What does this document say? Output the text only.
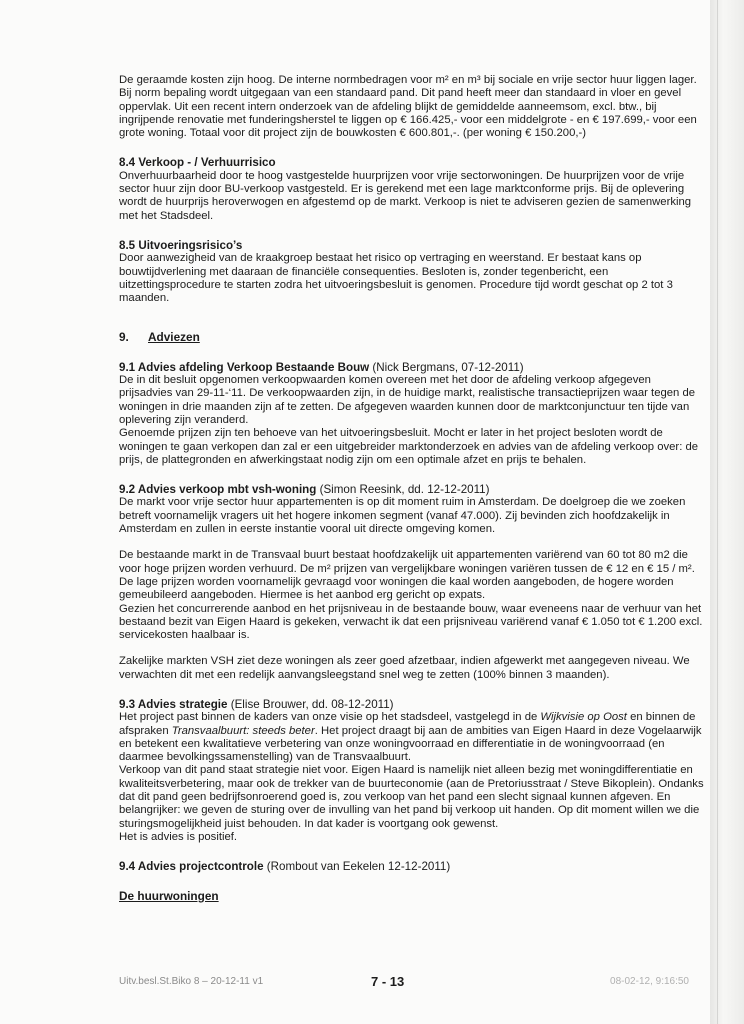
De geraamde kosten zijn hoog. De interne normbedragen voor m² en m³ bij sociale en vrije sector huur liggen lager. Bij norm bepaling wordt uitgegaan van een standaard pand. Dit pand heeft meer dan standaard in vloer en gevel oppervlak. Uit een recent intern onderzoek van de afdeling blijkt de gemiddelde aanneemsom, excl. btw., bij ingrijpende renovatie met funderingsherstel te liggen op € 166.425,- voor een middelgrote - en € 197.699,- voor een grote woning. Totaal voor dit project zijn de bouwkosten € 600.801,-. (per woning € 150.200,-)

8.4 Verkoop - / Verhuurrisico

Onverhuurbaarheid door te hoog vastgestelde huurprijzen voor vrije sectorwoningen. De huurprijzen voor de vrije sector huur zijn door BU-verkoop vastgesteld. Er is gerekend met een lage marktconforme prijs. Bij de oplevering wordt de huurprijs heroverwogen en afgestemd op de markt. Verkoop is niet te adviseren gezien de samenwerking met het Stadsdeel.

8.5 Uitvoeringsrisico’s

Door aanwezigheid van de kraakgroep bestaat het risico op vertraging en weerstand. Er bestaat kans op bouwtijdverlening met daaraan de financiële consequenties. Besloten is, zonder tegenbericht, een uitzettingsprocedure te starten zodra het uitvoeringsbesluit is genomen. Procedure tijd wordt geschat op 2 tot 3 maanden.

9. Adviezen
9.1 Advies afdeling Verkoop Bestaande Bouw (Nick Bergmans, 07-12-2011)

De in dit besluit opgenomen verkoopwaarden komen overeen met het door de afdeling verkoop afgegeven prijsadvies van 29-11-‘11. De verkoopwaarden zijn, in de huidige markt, realistische transactieprijzen waar tegen de woningen in drie maanden zijn af te zetten. De afgegeven waarden kunnen door de marktconjunctuur ten tijde van oplevering zijn veranderd.

Genoemde prijzen zijn ten behoeve van het uitvoeringsbesluit. Mocht er later in het project besloten wordt de woningen te gaan verkopen dan zal er een uitgebreider marktonderzoek en advies van de afdeling verkoop over: de prijs, de plattegronden en afwerkingstaat nodig zijn om een optimale afzet en prijs te behalen.

9.2 Advies verkoop mbt vsh-woning (Simon Reesink, dd. 12-12-2011)

De markt voor vrije sector huur appartementen is op dit moment ruim in Amsterdam. De doelgroep die we zoeken betreft voornamelijk vragers uit het hogere inkomen segment (vanaf 47.000). Zij bevinden zich hoofdzakelijk in Amsterdam en zullen in eerste instantie vooral uit directe omgeving komen.

De bestaande markt in de Transvaal buurt bestaat hoofdzakelijk uit appartementen variërend van 60 tot 80 m2 die voor hoge prijzen worden verhuurd. De m² prijzen van vergelijkbare woningen variëren tussen de € 12 en € 15 / m². De lage prijzen worden voornamelijk gevraagd voor woningen die kaal worden aangeboden, de hogere worden gemeubileerd aangeboden. Hiermee is het aanbod erg gericht op expats.

Gezien het concurrerende aanbod en het prijsniveau in de bestaande bouw, waar eveneens naar de verhuur van het bestaand bezit van Eigen Haard is gekeken, verwacht ik dat een prijsniveau variërend vanaf € 1.050 tot € 1.200 excl. servicekosten haalbaar is.

Zakelijke markten VSH ziet deze woningen als zeer goed afzetbaar, indien afgewerkt met aangegeven niveau. We verwachten dit met een redelijk aanvangsleegstand snel weg te zetten (100% binnen 3 maanden).

9.3 Advies strategie (Elise Brouwer, dd. 08-12-2011)

Het project past binnen de kaders van onze visie op het stadsdeel, vastgelegd in de Wijkvisie op Oost en binnen de afspraken Transvaalbuurt: steeds beter. Het project draagt bij aan de ambities van Eigen Haard in deze Vogelaarwijk en betekent een kwalitatieve verbetering van onze woningvoorraad en differentiatie in de woningvoorraad (en daarmee bevolkingssamenstelling) van de Transvaalbuurt.

Verkoop van dit pand staat strategie niet voor. Eigen Haard is namelijk niet alleen bezig met woningdifferentiatie en kwaliteitsverbetering, maar ook de trekker van de buurteconomie (aan de Pretoriusstraat / Steve Bikoplein). Ondanks dat dit pand geen bedrijfsonroerend goed is, zou verkoop van het pand een slecht signaal kunnen afgeven. En belangrijker: we geven de sturing over de invulling van het pand bij verkoop uit handen. Op dit moment willen we die sturingsmogelijkheid juist behouden. In dat kader is voortgang ook gewenst.

Het is advies is positief.

9.4 Advies projectcontrole (Rombout van Eekelen 12-12-2011)
De huurwoningen
Uitv.besl.St.Biko 8 – 20-12-11 v1	7 - 13	08-02-12, 9:16:50
